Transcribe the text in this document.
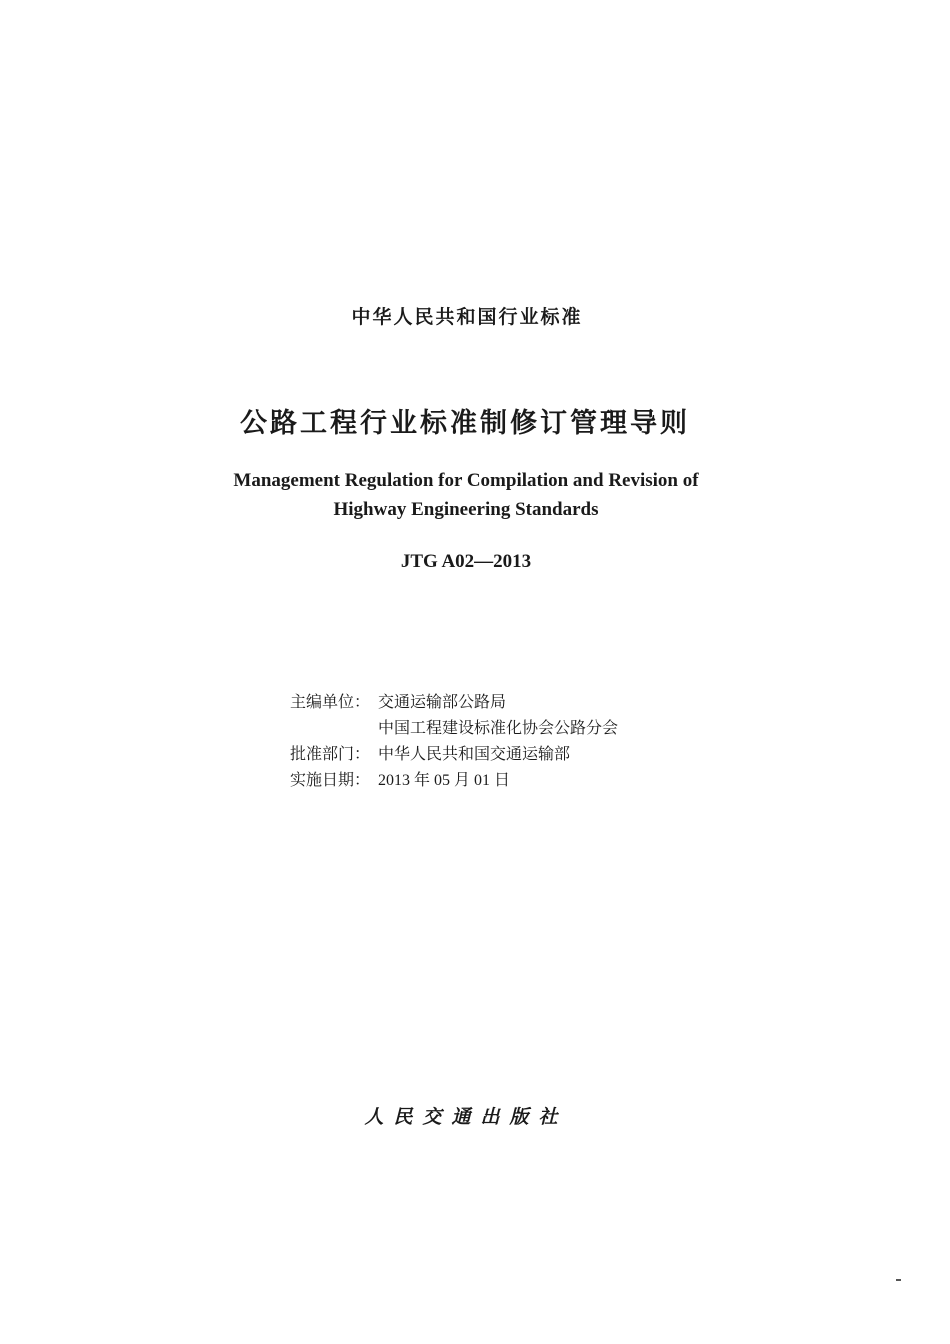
中华人民共和国行业标准
公路工程行业标准制修订管理导则
Management Regulation for Compilation and Revision of
Highway Engineering Standards
JTG A02—2013
主编单位： 交通运输部公路局
中国工程建设标准化协会公路分会
批准部门： 中华人民共和国交通运输部
实施日期： 2013 年 05 月 01 日
人民交通出版社
